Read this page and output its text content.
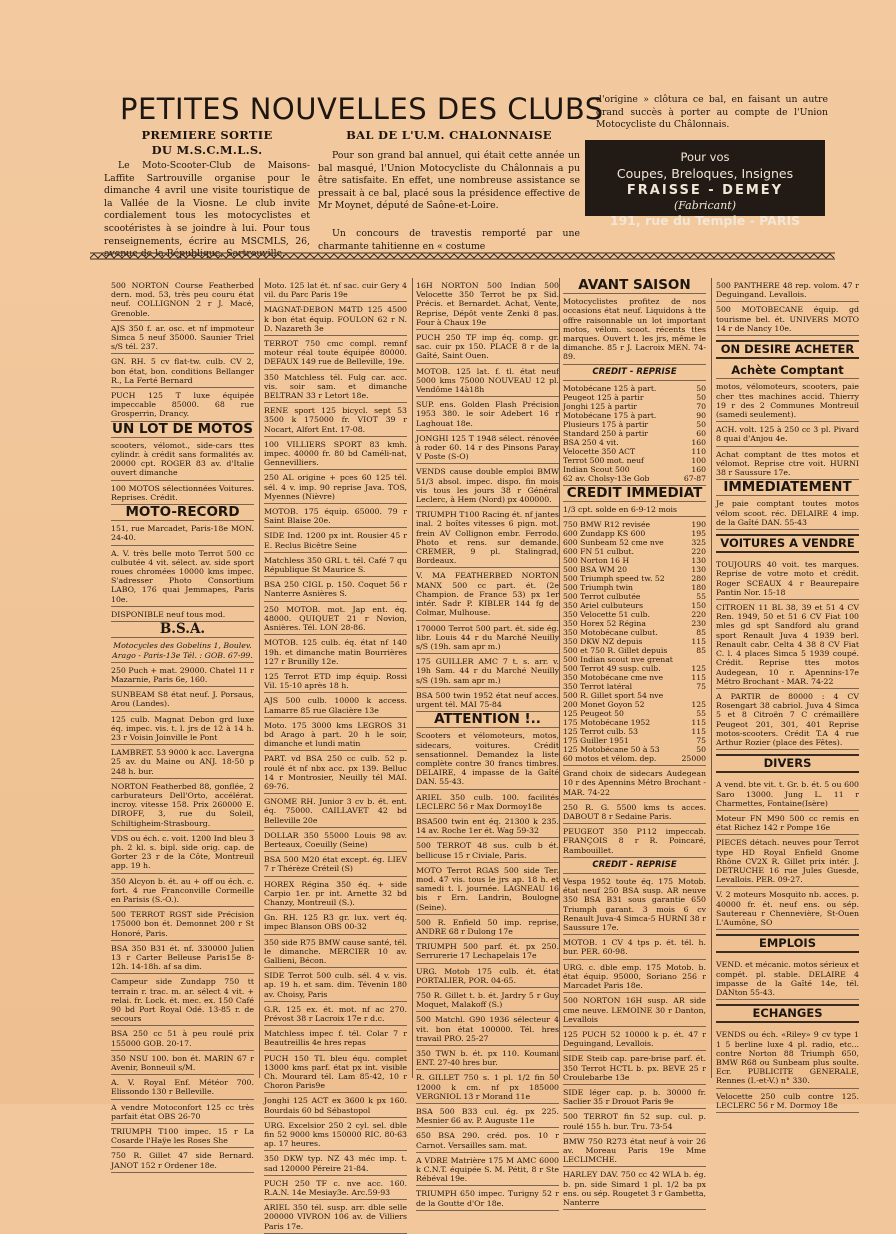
PETITES NOUVELLES DES CLUBS
PREMIERE SORTIE
DU M.S.C.M.L.S.
Le Moto-Scooter-Club de Maisons-Laffite Sartrouville organise pour le dimanche 4 avril une visite touristique de la Vallée de la Viosne. Le club invite cordialement tous les motocyclistes et scootéristes à se joindre à lui. Pour tous renseignements, écrire au MSCMLS, 26, avenue de la République, Sartrouville.
BAL DE L'U.M. CHALONNAISE
Pour son grand bal annuel, qui était cette année un bal masqué, l'Union Motocycliste du Châlonnais a pu être satisfaite. En effet, une nombreuse assistance se pressait à ce bal, placé sous la présidence effective de Mr Moynet, député de Saône-et-Loire.
Un concours de travestis remporté par une charmante tahitienne en « costume
d'origine » clôtura ce bal, en faisant un autre grand succès à porter au compte de l'Union Motocycliste du Châlonnais.
Pour vos
Coupes, Breloques, Insignes
FRAISSE - DEMEY
(Fabricant)
191, rue du Temple - PARIS
500 NORTON Course Featherbed dern. mod. 53, très peu couru état neuf. COLLIGNON 2 r J. Macé, Grenoble.
AJS 350 f. ar. osc. et nf impmoteur Simca 5 neuf 35000. Saunier Triel s/S tél. 237.
GN. RH. 5 cv flat-tw. culb. CV 2, bon état, bon. conditions Bellanger R., La Ferté Bernard
PUCH 125 T luxe équipée impeccable 85000. 68 rue Grosperrin, Drancy.
UN LOT DE MOTOS
scooters, vélomot., side-cars ttes cylindr. à crédit sans formalités av. 20000 cpt. ROGER 83 av. d'Italie ouvert dimanche
100 MOTOS sélectionnées Voitures. Reprises. Crédit.
MOTO-RECORD
151, rue Marcadet, Paris-18e MON. 24-40.
A. V. très belle moto Terrot 500 cc culbutée 4 vit. sélect. av. side sport roues chromées 10000 kms impec. S'adresser Photo Consortium LABO, 176 quai Jemmapes, Paris 10e.
DISPONIBLE neuf tous mod.
B.S.A.
Motocycles des Gobelins 1, Boulev. Arago - Paris-13e Tél. : GOB. 67-99.
250 Puch + mat. 29000. Chatel 11 r Mazarnie, Paris 6e, 160.
SUNBEAM S8 état neuf. J. Porsaus, Arou (Landes).
125 culb. Magnat Debon grd luxe éq. impec. vis. t. l. jrs de 12 à 14 h. 23 r Voisin Joinville le Pont
LAMBRET. 53 9000 k acc. Lavergna 25 av. du Maine ou ANJ. 18-50 p 248 h. bur.
NORTON Featherbed 88, gonflée, 2 carburateurs Dell'Orto, accélérat. incroy. vitesse 158. Prix 260000 E. DIROFF, 3, rue du Soleil, Schiltigheim-Strasbourg.
VDS ou éch. c. voit. 1200 Ind bleu 3 ph. 2 kl. s. bipl. side orig. cap. de Gorter 23 r de la Côte, Montreuil app. 19 h.
350 Alcyon b. ét. au + off ou éch. c. fort. 4 rue Franconville Cormeille en Parisis (S.-O.).
500 TERROT RGST side Précision 175000 bon ét. Demonnet 200 r St Honoré, Paris.
BSA 350 B31 ét. nf. 330000 Julien 13 r Carter Belleuse Paris15e 8-12h. 14-18h. af sa dim.
Campeur side Zundapp 750 tt terrain r. trac. m. ar. sélect 4 vit. + relai. fr. Lock. ét. mec. ex. 150 Café 90 bd Port Royal Odé. 13-85 r. de secours
BSA 250 cc 51 à peu roulé prix 155000 GOB. 20-17.
350 NSU 100. bon ét. MARIN 67 r Avenir, Bonneuil s/M.
A. V. Royal Enf. Météor 700. Elissondo 130 r Belleville.
A vendre Motoconfort 125 cc très parfait état OBS 26-70
TRIUMPH T100 impec. 15 r La Cosarde l'Haÿe les Roses She
750 R. Gillet 47 side Bernard. JANOT 152 r Ordener 18e.
Moto. 125 lat ét. nf sac. cuir Gery 4 vil. du Parc Paris 19e
MAGNAT-DEBON M4TD 125 4500 k bon état équip. FOULON 62 r N. D. Nazareth 3e
TERROT 750 cmc compl. remnf moteur réal toute équipée 80000. DEFAUX 149 rue de Belleville, 19e.
350 Matchless tél. Fulg car. acc. vis. soir sam. et dimanche BELTRAN 33 r Letort 18e.
RENE sport 125 bicycl. sept 53 3500 k 175000 fr. VIOT 39 r Nocart, Alfort Ent. 17-08.
100 VILLIERS SPORT 83 kmh. impec. 40000 fr. 80 bd Caméli-nat, Gennevilliers.
250 AL origine + pces 60 125 tél. sél. 4 v. imp. 90 reprise Java. TOS, Myennes (Nièvre)
MOTOB. 175 équip. 65000. 79 r Saint Blaise 20e.
SIDE Ind. 1200 px int. Rousier 45 r E. Reclus Bicêtre Seine
Matchless 350 GRL t. tél. Café 7 qu République St Maurice S.
BSA 250 CIGL p. 150. Coquet 56 r Nanterre Asnières S.
250 MOTOB. mot. Jap ent. éq. 48000. QUIQUET 21 r Novion, Asnières. Tél. LON 28-86.
MOTOB. 125 culb. éq. état nf 140 19h. et dimanche matin Bourrières 127 r Brunilly 12e.
125 Terrot ETD imp équip. Rossi Vil. 15-10 après 18 h.
AJS 500 culb. 10000 k access. Lamarre 85 rue Glacière 13e
Moto. 175 3000 kms LEGROS 31 bd Arago à part. 20 h le soir, dimanche et lundi matin
PART. vd BSA 250 cc culb. 52 p. roulé ét nf nbx acc. px 139. Belluc 14 r Montrosier, Neuilly tél MAI. 69-76.
GNOME RH. Junior 3 cv b. ét. ent. éq. 75000. CAILLAVET 42 bd Belleville 20e
DOLLAR 350 55000 Louis 98 av. Berteaux, Coeuilly (Seine)
BSA 500 M20 état except. ég. LIEV 7 r Thérèze Créteil (S)
HOREX Régina 350 éq. + side Carpio 1er. pr int. Arnette 32 bd Chanzy, Montreuil (S.).
Gn. RH. 125 R3 gr. lux. vert éq. impec Blanson OBS 00-32
350 side R75 BMW cause santé, tél. le dimanche. MERCIER 10 av. Gallieni, Bécon.
SIDE Terrot 500 culb. sél. 4 v. vis. ap. 19 h. et sam. dim. Tévenin 180 av. Choisy, Paris
G.R. 125 ex. ét. mot. nf ac 270. Prévost 38 r Lacroix 17e r d.c.
Matchless impec f. tél. Colar 7 r Beautreillis 4e hres repas
PUCH 150 TL bleu équ. complet 13000 kms parf. état px int. visible Ch. Mourard tél. Lam 85-42, 10 r Choron Paris9e
Jonghi 125 ACT ex 3600 k px 160. Bourdais 60 bd Sébastopol
URG. Excelsior 250 2 cyl. sel. dble fin 52 9000 kms 150000 RIC. 80-63 ap. 17 heures.
350 DKW typ. NZ 43 méc imp. t. sad 120000 Péreire 21-84.
PUCH 250 TF c. nve acc. 160. R.A.N. 14e Mesiay3e. Arc.59-93
ARIEL 350 tél. susp. arr. dble selle 200000 VIVRON 106 av. de Villiers Paris 17e.
16H NORTON 500 Indian 500 Velocette 350 Terrot be px Sid. Précis. et Bernardet. Achat, Vente, Reprise, Dépôt vente Zenki 8 pas. Four à Chaux 19e
PUCH 250 TF imp éq. comp. gr. sac. cuir px 150. PLACE 8 r de la Gaîté, Saint Ouen.
MOTOB. 125 lat. f. tl. état neuf 5000 kms 75000 NOUVEAU 12 pl. Vendôme 14à18h
SUP. ens. Golden Flash Précision 1953 380. le soir Adebert 16 r Laghouat 18e.
JONGHI 125 T 1948 sélect. rénovée à roder 60. 14 r des Pinsons Paray V Poste (S-O)
VENDS cause double emploi BMW 51/3 absol. impec. dispo. fin mois vis tous les jours 38 r Général Leclerc, à Hem (Nord) px 400000.
TRIUMPH T100 Racing ét. nf jantes inal. 2 boîtes vitesses 6 pign. mot. frein AV Collignon embr. Ferrodo. Photo et rens. sur demande. CREMER, 9 pl. Stalingrad, Bordeaux.
V. MA FEATHERBED NORTON MANX 500 cc part. ét. (2e Champion. de France 53) px 1er intér. Sadr P. KIBLER 144 fg de Colmar, Mulhouse.
170000 Terrot 500 part. ét. side ég. libr. Louis 44 r du Marché Neuilly s/S (19h. sam apr m.)
175 GUILLER AMC 7 t. s. arr. v. 19h Sam. 44 r du Marché Neuilly s/S (19h. sam apr m.)
BSA 500 twin 1952 état neuf acces. urgent tél. MAI 75-84
ATTENTION !..
Scooters et vélomoteurs, motos, sidecars, voitures. Crédit sensationnel. Demandez la liste complète contre 30 francs timbres. DELAIRE, 4 impasse de la Gaîté DAN. 55-43.
ARIEL 350 culb. 100. facilités LECLERC 56 r Max Dormoy18e
BSA500 twin ent éq. 21300 k 235. 14 av. Roche 1er ét. Wag 59-32
500 TERROT 48 sus. culb b ét. bellicuse 15 r Civiale, Paris.
MOTO Terrot RGAS 500 side Ter. mod. 47 vis. tous le jrs ap. 18 h. et samedi t. l. journée. LAGNEAU 16 bis r Ern. Landrin, Boulogne (Seine).
500 R. Enfield 50 imp. reprise, ANDRE 68 r Dulong 17e
TRIUMPH 500 parf. ét. px 250. Serrurerie 17 Lechapelais 17e
URG. Motob 175 culb. ét. état PORTALIER, POR. 04-65.
750 R. Gillet t. b. ét. Jardry 5 r Guy Moquet, Malakoff (S.)
500 Matchl. G90 1936 sélecteur 4 vit. bon état 100000. Tél. hres travail PRO. 25-27
350 TWN b. ét. px 110. Koumani ENT. 27-40 hres bur.
R. GILLET 750 s. 1 pl. 1/2 fin 50 12000 k cm. nf px 185000 VERGNIOL 13 r Morand 11e
BSA 500 B33 cul. ég. px 225. Mesnier 66 av. P. Auguste 11e
650 BSA 290. créd. pos. 10 r Carnot. Versailles sam. mat.
A VDRE Matrière 175 M AMC 6000 k C.N.T. équipée S. M. Pétit, 8 r Ste Rébéval 19e.
TRIUMPH 650 impec. Turigny 52 r de la Goutte d'Or 18e.
AVANT SAISON
Motocyclistes profitez de nos occasions état neuf. Liquidons à tte offre raisonnable un lot important motos, vélom. scoot. récents ttes marques. Ouvert t. les jrs, même le dimanche. 85 r J. Lacroix MEN. 74-89.
CREDIT - REPRISE
Motobécane 125 à part.	50
Peugeot 125 à partir	50
Jonghi 125 à partir	70
Motobécane 175 à part.	90
Plusieurs 175 à partir	50
Standard 250 à partir	60
BSA 250 4 vit.	160
Velocette 350 ACT	110
Terrot 500 mot. neuf	100
Indian Scout 500	160
62 av. Cholsy-13e Gob	67-87
CREDIT IMMEDIAT
1/3 cpt. solde en 6-9-12 mois
750 BMW R12 revisée	190
600 Zundapp KS 600	195
600 Sunbeam 52 cme nve	325
600 FN 51 culbut.	220
500 Norton 16 H	130
500 BSA WM 20	130
500 Triumph speed tw. 52	280
500 Triumph twin	180
500 Terrot culbutée	55
350 Ariel culbuteurs	150
350 Velocette 51 culb.	220
350 Horex 52 Régina	230
350 Motobécane culbut.	85
350 DKW NZ depuis	115
500 et 750 R. Gillet depuis	85
500 Indian scout nve grenat	
500 Terrot 49 susp. culb.	125
350 Motobécane cme nve	115
350 Terrot latéral	75
500 R. Gillet sport 54 nve	
200 Monet Goyon 52	125
125 Peugeot 50	55
175 Motobécane 1952	115
125 Terrot culb. 53	115
175 Guiller 1951	75
125 Motobécane 50 à 53	50
60 motos et vélom. dep.	25000
Grand choix de sidecars Audegean 10 r des Apennins Métro Brochant - MAR. 74-22
250 R. G. 5500 kms ts acces. DABOUT 8 r Sedaine Paris.
PEUGEOT 350 P112 impeccab. FRANÇOIS 8 r R. Poincaré, Rambouillet.
CREDIT - REPRISE
Vespa 1952 toute éq. 175 Motob. état neuf 250 BSA susp. AR neuve 350 BSA B31 sous garantie 650 Triumph garant. 3 mois 6 cv Renault Juva-4 Simca-5 HURNI 38 r Saussure 17e.
MOTOB. 1 CV 4 tps p. ét. tél. h. bur. PER. 60-98.
URG. c. dble emp. 175 Motob. b. état équip. 95000, Soriano 256 r Marcadet Paris 18e.
500 NORTON 16H susp. AR side cme neuve. LEMOINE 30 r Danton, Levallois
125 PUCH 52 10000 k p. ét. 47 r Deguingand, Levallois.
SIDE Steib cap. pare-brise parf. ét. 350 Terrot HCTL b. px. BEVE 25 r Croulebarbe 13e
SIDE léger cap. p. b. 30000 fr. Saclier 35 r Drouot Paris 9e
500 TERROT fin 52 sup. cul. p. roulé 155 h. bur. Tru. 73-54
BMW 750 R273 état neuf à voir 26 av. Moreau Paris 19e Mme LECLIMCHE.
HARLEY DAV. 750 cc 42 WLA b. ég. b. pn. side Simard 1 pl. 1/2 ba px ens. ou sép. Rougetet 3 r Gambetta, Nanterre
500 PANTHERE 48 rep. volom. 47 r Deguingand. Levallois.
500 MOTOBECANE équip. gd tourisme bel. ét. UNIVERS MOTO 14 r de Nancy 10e.
ON DESIRE ACHETER
Achète Comptant
motos, vélomoteurs, scooters, paie cher ttes machines accid. Thierry 19 r des 2 Communes Montreuil (samedi seulement).
ACH. volt. 125 à 250 cc 3 pl. Pivard 8 quai d'Anjou 4e.
Achat comptant de ttes motos et vélomot. Reprise ctre voit. HURNI 38 r Saussure 17e.
IMMEDIATEMENT
Je paie comptant toutes motos vélom scoot. réc. DELAIRE 4 imp. de la Gaîté DAN. 55-43
VOITURES A VENDRE
TOUJOURS 40 voit. tes marques. Reprise de votre moto et crédit. Roger SCEAUX 4 r Beaurepaire Pantin Nor. 15-18
CITROEN 11 BL 38, 39 et 51 4 CV Ren. 1949, 50 et 51 6 CV Fiat 100 mles gd spt Sandford alu grand sport Renault Juva 4 1939 berl. Renault cabr. Celta 4 38 8 CV Fiat C. l. 4 places Simca 5 1939 coupé. Crédit. Reprise ttes motos Audegean, 10 r. Apennins-17e Métro Brochant - MAR. 74-22
A PARTIR de 80000 : 4 CV Rosengart 38 cabriol. Juva 4 Simca 5 et 8 Citroën 7 C crémaillère Peugeot 201, 301, 401 Reprise motos-scooters. Crédit T.A 4 rue Arthur Rozier (place des Fêtes).
DIVERS
A vend. bte vit. t. Gr. b. ét. 5 ou 600 Saro 13000. Jung L. 11 r Charmettes, Fontaine(Isère)
Moteur FN M90 500 cc remis en état Richez 142 r Pompe 16e
PIECES détach. neuves pour Terrot type HD Royal Enfield Gnome Rhône CV2X R. Gillet prix intér. J. DETRUCHE 16 rue Jules Guesde, Levallois. PER. 09-27.
V. 2 moteurs Mosquito nb. acces. p. 40000 fr. ét. neuf ens. ou sép. Sautereau r Chennevière, St-Ouen L'Aumône, SO
EMPLOIS
VEND. et mécanic. motos sérieux et compét. pl. stable. DELAIRE 4 impasse de la Gaîté 14e, tél. DANton 55-43.
ECHANGES
VENDS ou éch. «Riley» 9 cv type 1 1 5 berline luxe 4 pl. radio, etc... contre Norton 88 Triumph 650, BMW R68 ou Sunbeam plus soulte. Ecr. PUBLICITE GENERALE, Rennes (I.-et-V.) n° 330.
Velocette 250 culb contre 125. LECLERC 56 r M. Dormoy 18e
